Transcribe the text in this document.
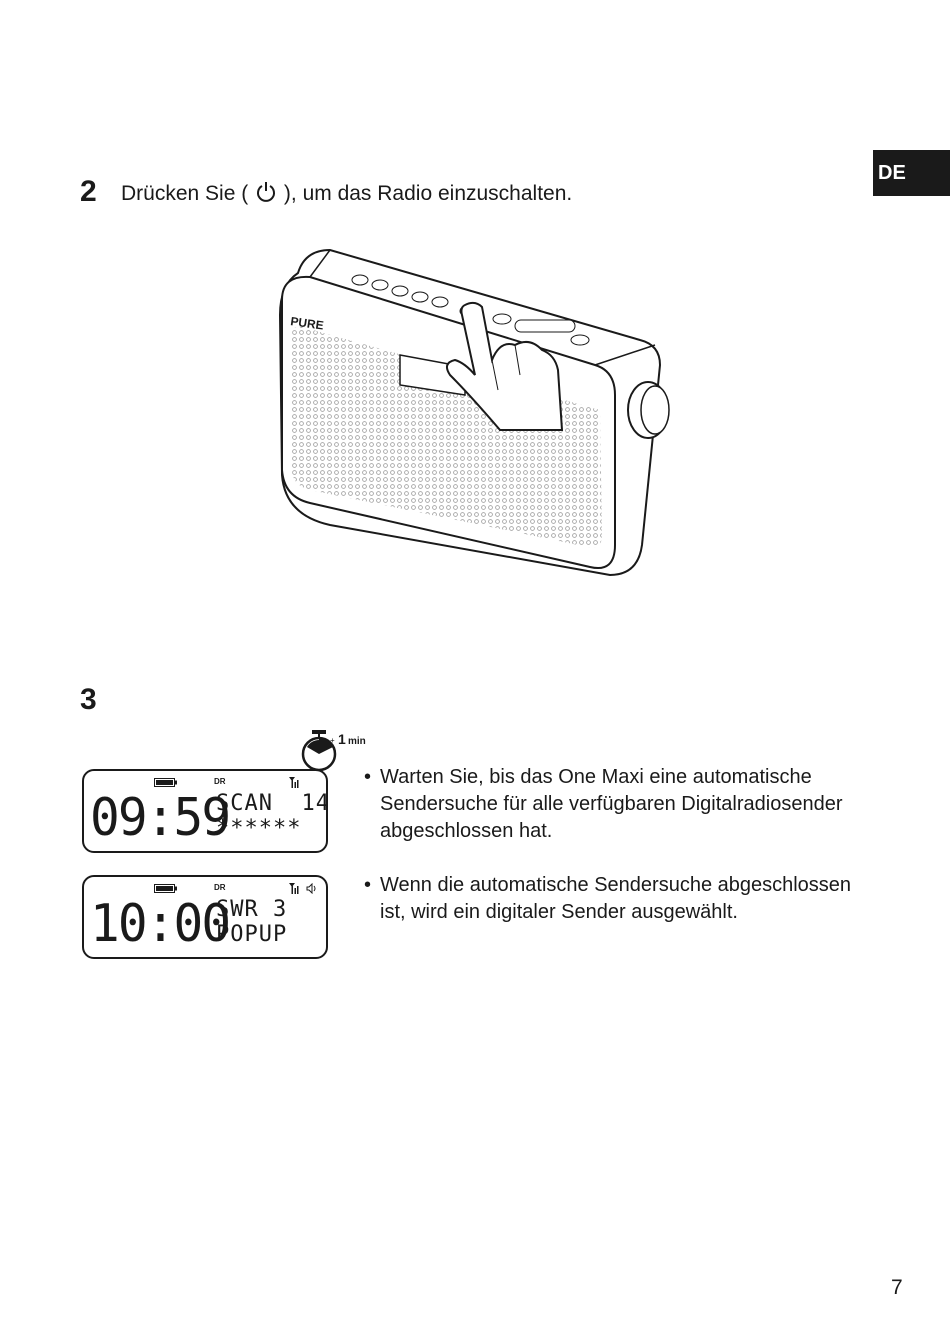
DE
2 Drücken Sie ( ), um das Radio einzuschalten.
PURE
3
+ 1 min
DR
09:59
SCAN  14
******
DR
10:00
SWR 3
POPUP
• Warten Sie, bis das One Maxi eine automatische Sendersuche für alle verfügbaren Digitalradiosender abgeschlossen hat.
• Wenn die automatische Sendersuche abgeschlossen ist, wird ein digitaler Sender ausgewählt.
7
